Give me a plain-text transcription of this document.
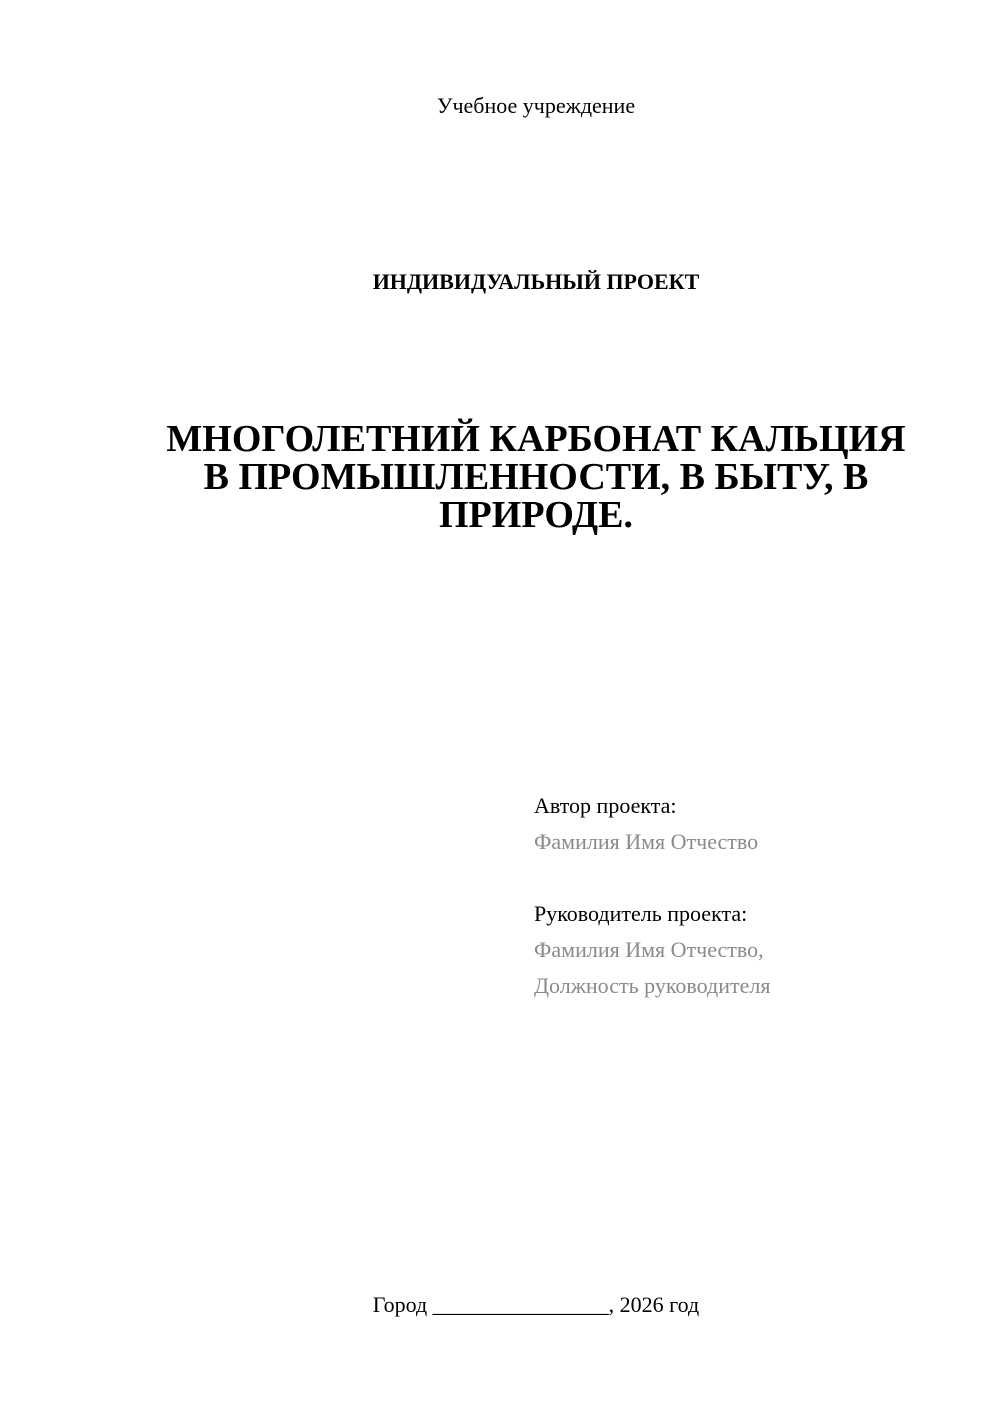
Учебное учреждение
ИНДИВИДУАЛЬНЫЙ ПРОЕКТ
МНОГОЛЕТНИЙ КАРБОНАТ КАЛЬЦИЯ
В ПРОМЫШЛЕННОСТИ, В БЫТУ, В
ПРИРОДЕ.
Автор проекта:
Фамилия Имя Отчество
Руководитель проекта:
Фамилия Имя Отчество,
Должность руководителя
Город ________________, 2026 год
